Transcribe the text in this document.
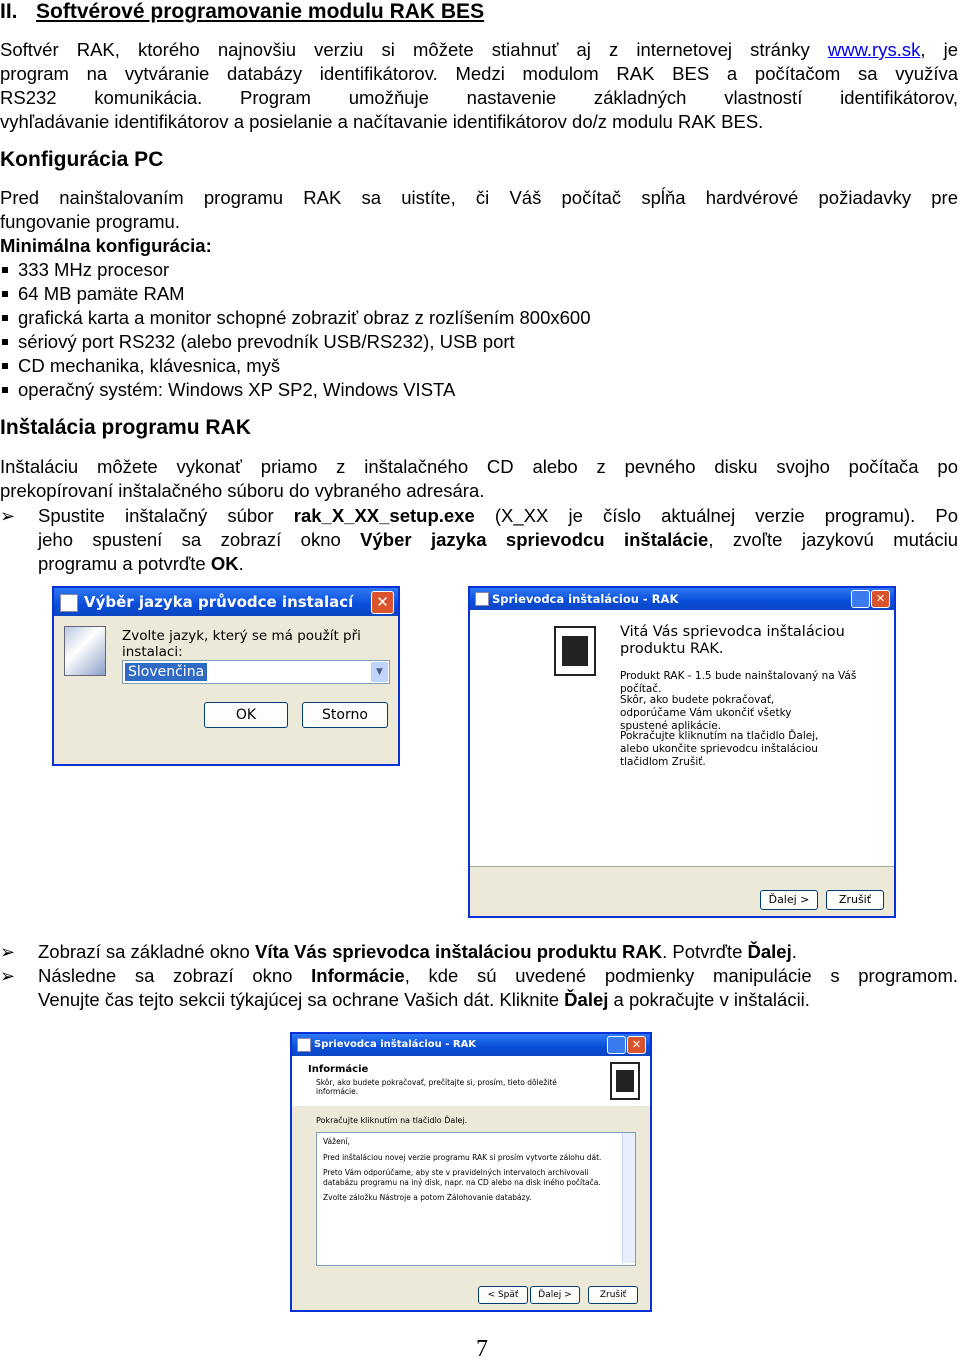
II. Softvérové programovanie modulu RAK BES
Softvér RAK, ktorého najnovšiu verziu si môžete stiahnuť aj z internetovej stránky www.rys.sk, je
program na vytváranie databázy identifikátorov. Medzi modulom RAK BES a počítačom sa využíva
RS232 komunikácia. Program umožňuje nastavenie základných vlastností identifikátorov,
vyhľadávanie identifikátorov a posielanie a načítavanie identifikátorov do/z modulu RAK BES.
Konfigurácia PC
Pred nainštalovaním programu RAK sa uistíte, či Váš počítač spĺňa hardvérové požiadavky pre
fungovanie programu.
Minimálna konfigurácia:
333 MHz procesor
64 MB pamäte RAM
grafická karta a monitor schopné zobraziť obraz z rozlíšením 800x600
sériový port RS232 (alebo prevodník USB/RS232), USB port
CD mechanika, klávesnica, myš
operačný systém: Windows XP SP2, Windows VISTA
Inštalácia programu RAK
Inštaláciu môžete vykonať priamo z inštalačného CD alebo z pevného disku svojho počítača po
prekopírovaní inštalačného súboru do vybraného adresára.
➢	Spustite inštalačný súbor rak_X_XX_setup.exe (X_XX je číslo aktuálnej verzie programu). Po
jeho spustení sa zobrazí okno Výber jazyka sprievodcu inštalácie, zvoľte jazykovú mutáciu
programu a potvrďte OK.
Výběr jazyka průvodce instalací	✕
Zvolte jazyk, který se má použít při instalaci:
Slovenčina	▼
OK	Storno
Sprievodca inštaláciou - RAK	✕
Vitá Vás sprievodca inštaláciou produktu RAK.
Produkt RAK - 1.5 bude nainštalovaný na Váš počítač.
Skôr, ako budete pokračovať, odporúčame Vám ukončiť všetky spustené aplikácie.
Pokračujte kliknutím na tlačidlo Ďalej, alebo ukončite sprievodcu inštaláciou tlačidlom Zrušiť.
Ďalej >	Zrušiť
➢	Zobrazí sa základné okno Víta Vás sprievodca inštaláciou produktu RAK. Potvrďte Ďalej.
➢	Následne sa zobrazí okno Informácie, kde sú uvedené podmienky manipulácie s programom.
Venujte čas tejto sekcii týkajúcej sa ochrane Vašich dát. Kliknite Ďalej a pokračujte v inštalácii.
Sprievodca inštaláciou - RAK	✕
Informácie
Skôr, ako budete pokračovať, prečítajte si, prosím, tieto dôležité informácie.
Pokračujte kliknutím na tlačidlo Ďalej.
Vážení,
Pred inštaláciou novej verzie programu RAK si prosím vytvorte zálohu dát.
Preto Vám odporúčame, aby ste v pravidelných intervaloch archivovali databázu programu na iný disk, napr. na CD alebo na disk iného počítača.
Zvolte záložku Nástroje a potom Zálohovanie databázy.
< Späť	Ďalej >	Zrušiť
7
